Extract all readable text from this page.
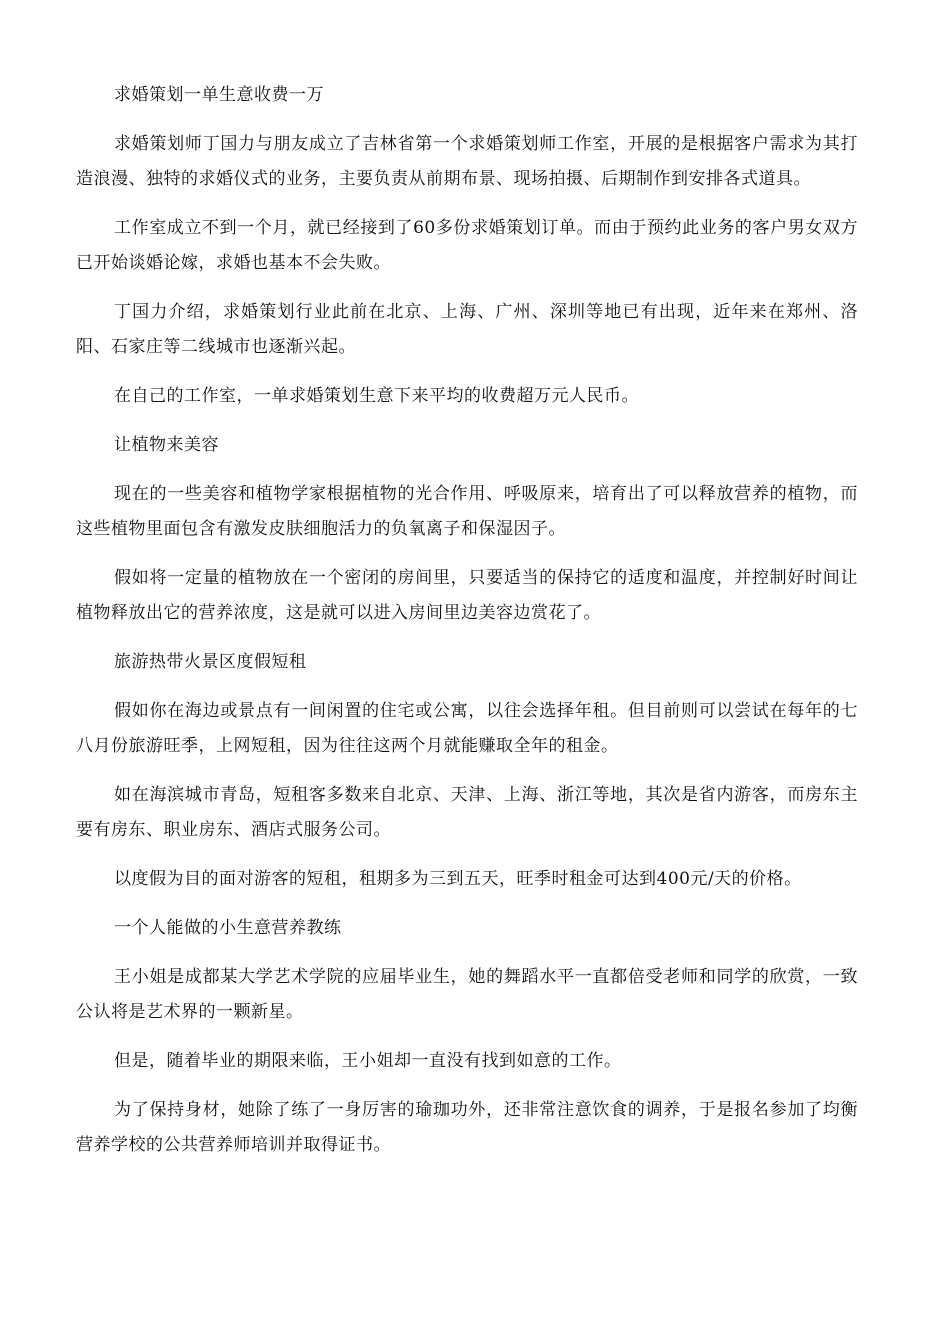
求婚策划一单生意收费一万

求婚策划师丁国力与朋友成立了吉林省第一个求婚策划师工作室，开展的是根据客户需求为其打造浪漫、独特的求婚仪式的业务，主要负责从前期布景、现场拍摄、后期制作到安排各式道具。

工作室成立不到一个月，就已经接到了60多份求婚策划订单。而由于预约此业务的客户男女双方已开始谈婚论嫁，求婚也基本不会失败。

丁国力介绍，求婚策划行业此前在北京、上海、广州、深圳等地已有出现，近年来在郑州、洛阳、石家庄等二线城市也逐渐兴起。

在自己的工作室，一单求婚策划生意下来平均的收费超万元人民币。

让植物来美容

现在的一些美容和植物学家根据植物的光合作用、呼吸原来，培育出了可以释放营养的植物，而这些植物里面包含有激发皮肤细胞活力的负氧离子和保湿因子。

假如将一定量的植物放在一个密闭的房间里，只要适当的保持它的适度和温度，并控制好时间让植物释放出它的营养浓度，这是就可以进入房间里边美容边赏花了。

旅游热带火景区度假短租

假如你在海边或景点有一间闲置的住宅或公寓，以往会选择年租。但目前则可以尝试在每年的七八月份旅游旺季，上网短租，因为往往这两个月就能赚取全年的租金。

如在海滨城市青岛，短租客多数来自北京、天津、上海、浙江等地，其次是省内游客，而房东主要有房东、职业房东、酒店式服务公司。

以度假为目的面对游客的短租，租期多为三到五天，旺季时租金可达到400元/天的价格。

一个人能做的小生意营养教练

王小姐是成都某大学艺术学院的应届毕业生，她的舞蹈水平一直都倍受老师和同学的欣赏，一致公认将是艺术界的一颗新星。

但是，随着毕业的期限来临，王小姐却一直没有找到如意的工作。

为了保持身材，她除了练了一身厉害的瑜珈功外，还非常注意饮食的调养，于是报名参加了均衡营养学校的公共营养师培训并取得证书。
